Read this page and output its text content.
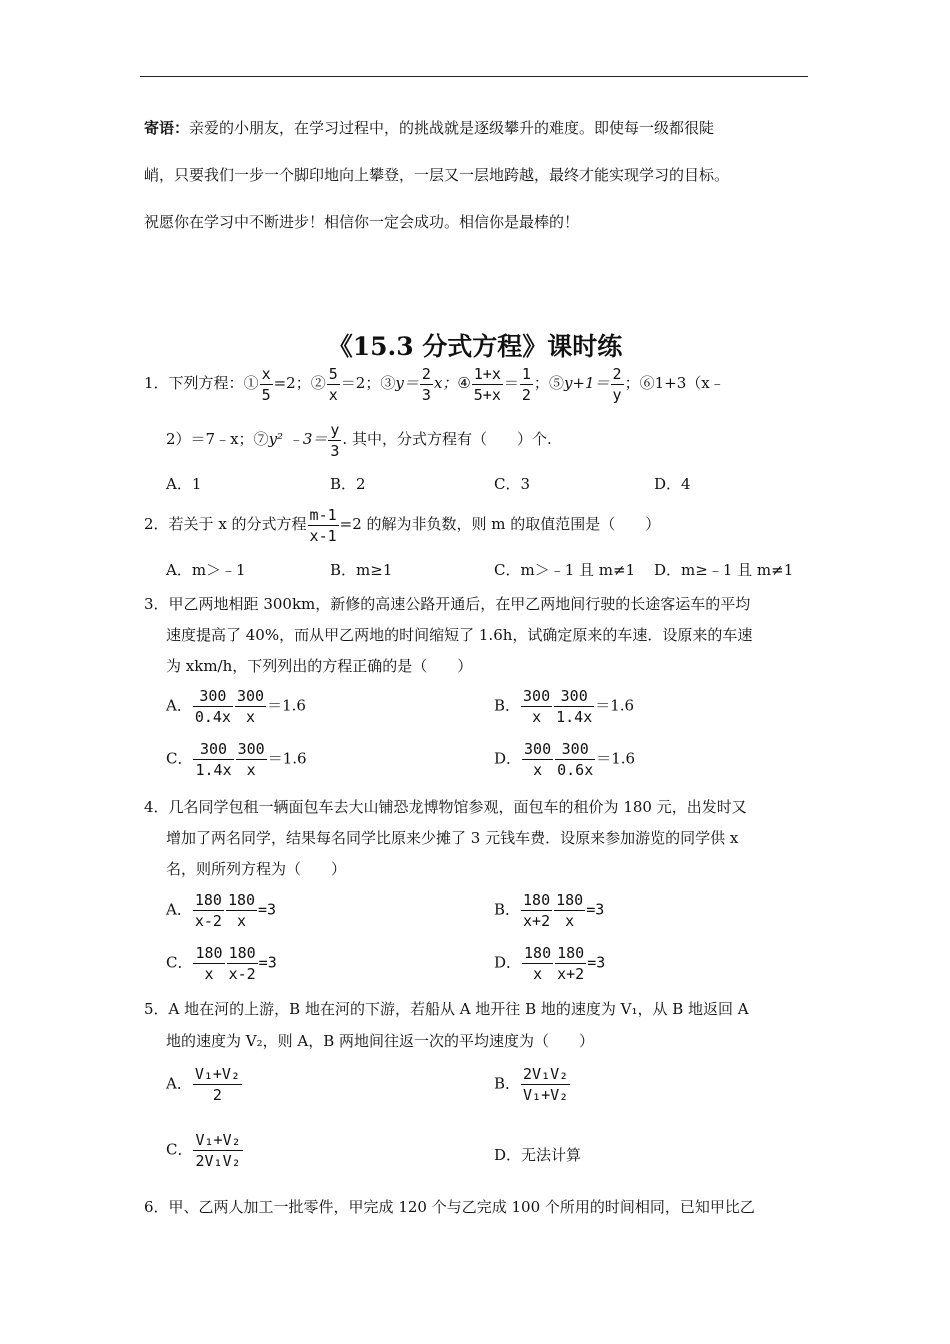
寄语：亲爱的小朋友，在学习过程中，的挑战就是逐级攀升的难度。即使每一级都很陡
峭，只要我们一步一个脚印地向上攀登，一层又一层地跨越，最终才能实现学习的目标。
祝愿你在学习中不断进步！相信你一定会成功。相信你是最棒的！
《15.3 分式方程》课时练
1．下列方程：① $\frac{x}{5} =2$；② $\frac{5}{x} =2$；③y＝ $\frac{2}{3}$ x；④ $\frac{1+x}{5+x} = \frac{1}{2}$ ；⑤y+1＝ $\frac{2}{y}$ ；⑥1+3（x﹣
2）＝7﹣x；⑦y² ﹣3＝ $\frac{y}{3}$ . 其中，分式方程有（　　）个.
A．1	B．2	C．3	D．4
2．若关于 x 的分式方程 $\frac{m-1}{x-1} =2$ 的解为非负数，则 m 的取值范围是（　　）
A．m＞﹣1	B．m≥1	C．m＞﹣1 且 m≠1 D．m≥﹣1 且 m≠1
3．甲乙两地相距 300km，新修的高速公路开通后，在甲乙两地间行驶的长途客运车的平均
速度提高了 40%，而从甲乙两地的时间缩短了 1.6h，试确定原来的车速．设原来的车速
为 xkm/h，下列列出的方程正确的是（　　）
A． $\frac{300}{0.4x} \frac{300}{x} =1.6$	B． $\frac{300}{x} \frac{300}{1.4x} =1.6$
C． $\frac{300}{1.4x} \frac{300}{x} =1.6$	D． $\frac{300}{x} \frac{300}{0.6x} =1.6$
4．几名同学包租一辆面包车去大山铺恐龙博物馆参观，面包车的租价为 180 元，出发时又
增加了两名同学，结果每名同学比原来少摊了 3 元钱车费．设原来参加游览的同学供 x
名，则所列方程为（　　）
A． $\frac{180}{x-2} \frac{180}{x} =3$	B． $\frac{180}{x+2} \frac{180}{x} =3$
C． $\frac{180}{x} \frac{180}{x-2} =3$	D． $\frac{180}{x} \frac{180}{x+2} =3$
5．A 地在河的上游，B 地在河的下游，若船从 A 地开往 B 地的速度为 V₁，从 B 地返回 A
地的速度为 V₂，则 A，B 两地间往返一次的平均速度为（　　）
A． $\frac{\text{V₁+V₂}}{2}$	B． $\frac{\text{2V₁V₂}}{\text{V₁+V₂}}$
C． $\frac{\text{V₁+V₂}}{\text{2V₁V₂}}$	D．无法计算
6．甲、乙两人加工一批零件，甲完成 120 个与乙完成 100 个所用的时间相同，已知甲比乙
